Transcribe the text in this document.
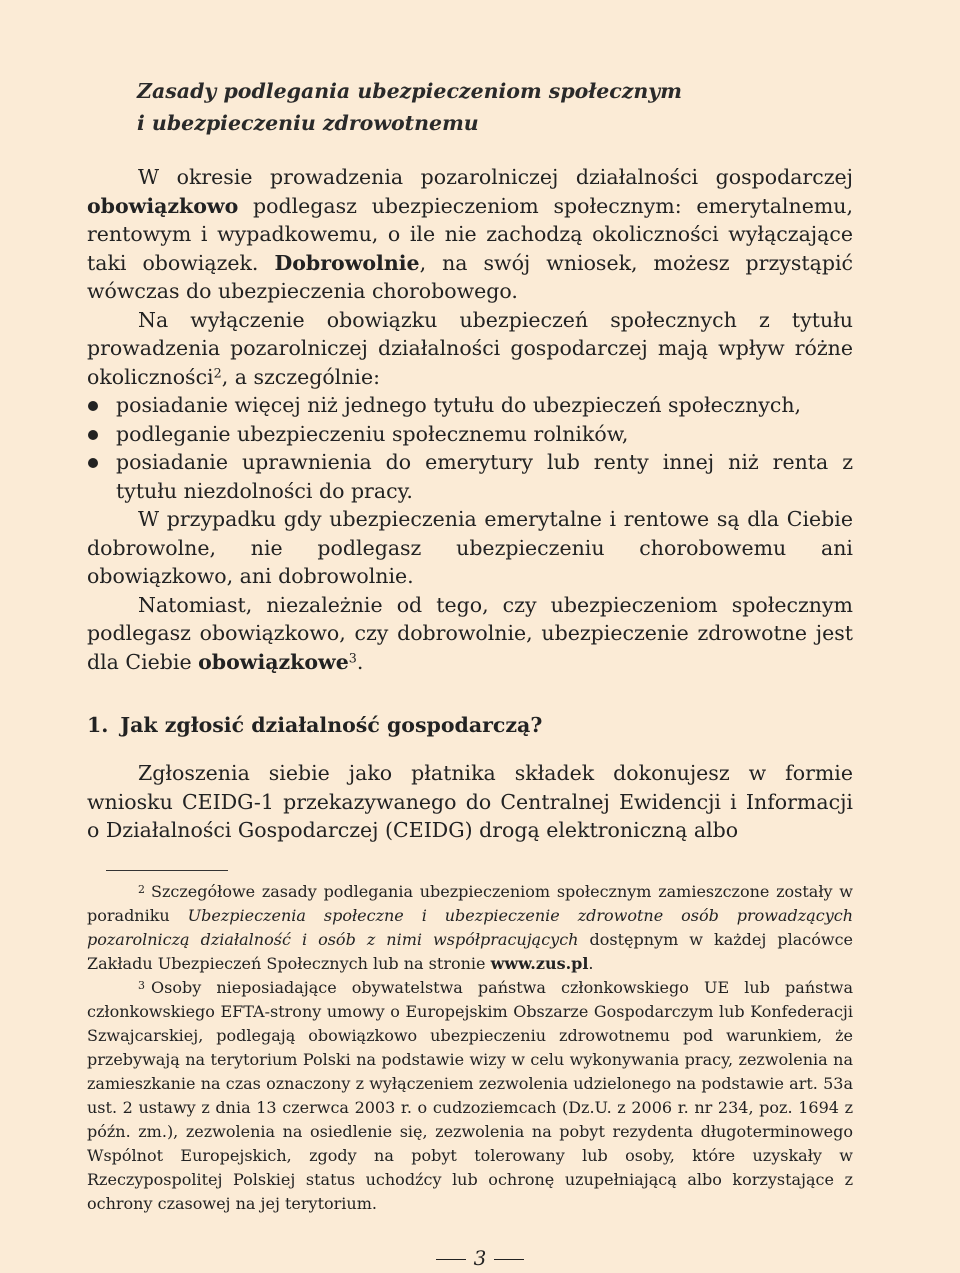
Zasady podlegania ubezpieczeniom społecznym
i ubezpieczeniu zdrowotnemu

W okresie prowadzenia pozarolniczej działalności gospodarczej obowiązkowo podlegasz ubezpieczeniom społecznym: emerytalnemu, rentowym i wypadkowemu, o ile nie zachodzą okoliczności wyłączające taki obowiązek. Dobrowolnie, na swój wniosek, możesz przystąpić wówczas do ubezpieczenia chorobowego.

Na wyłączenie obowiązku ubezpieczeń społecznych z tytułu prowadzenia pozarolniczej działalności gospodarczej mają wpływ różne okoliczności$^2$, a szczególnie:

posiadanie więcej niż jednego tytułu do ubezpieczeń społecznych,
podleganie ubezpieczeniu społecznemu rolników,
posiadanie uprawnienia do emerytury lub renty innej niż renta z tytułu niezdolności do pracy.

W przypadku gdy ubezpieczenia emerytalne i rentowe są dla Ciebie dobrowolne, nie podlegasz ubezpieczeniu chorobowemu ani obowiązkowo, ani dobrowolnie.

Natomiast, niezależnie od tego, czy ubezpieczeniom społecznym podlegasz obowiązkowo, czy dobrowolnie, ubezpieczenie zdrowotne jest dla Ciebie obowiązkowe$^3$.

1. Jak zgłosić działalność gospodarczą?

Zgłoszenia siebie jako płatnika składek dokonujesz w formie wniosku CEIDG-1 przekazywanego do Centralnej Ewidencji i Informacji o Działalności Gospodarczej (CEIDG) drogą elektroniczną albo

$^2$ Szczegółowe zasady podlegania ubezpieczeniom społecznym zamieszczone zostały w poradniku Ubezpieczenia społeczne i ubezpieczenie zdrowotne osób prowadzących pozarolniczą działalność i osób z nimi współpracujących dostępnym w każdej placówce Zakładu Ubezpieczeń Społecznych lub na stronie www.zus.pl.

$^3$ Osoby nieposiadające obywatelstwa państwa członkowskiego UE lub państwa członkowskiego EFTA-strony umowy o Europejskim Obszarze Gospodarczym lub Konfederacji Szwajcarskiej, podlegają obowiązkowo ubezpieczeniu zdrowotnemu pod warunkiem, że przebywają na terytorium Polski na podstawie wizy w celu wykonywania pracy, zezwolenia na zamieszkanie na czas oznaczony z wyłączeniem zezwolenia udzielonego na podstawie art. 53a ust. 2 ustawy z dnia 13 czerwca 2003 r. o cudzoziemcach (Dz.U. z 2006 r. nr 234, poz. 1694 z późn. zm.), zezwolenia na osiedlenie się, zezwolenia na pobyt rezydenta długoterminowego Wspólnot Europejskich, zgody na pobyt tolerowany lub osoby, które uzyskały w Rzeczypospolitej Polskiej status uchodźcy lub ochronę uzupełniającą albo korzystające z ochrony czasowej na jej terytorium.

3
